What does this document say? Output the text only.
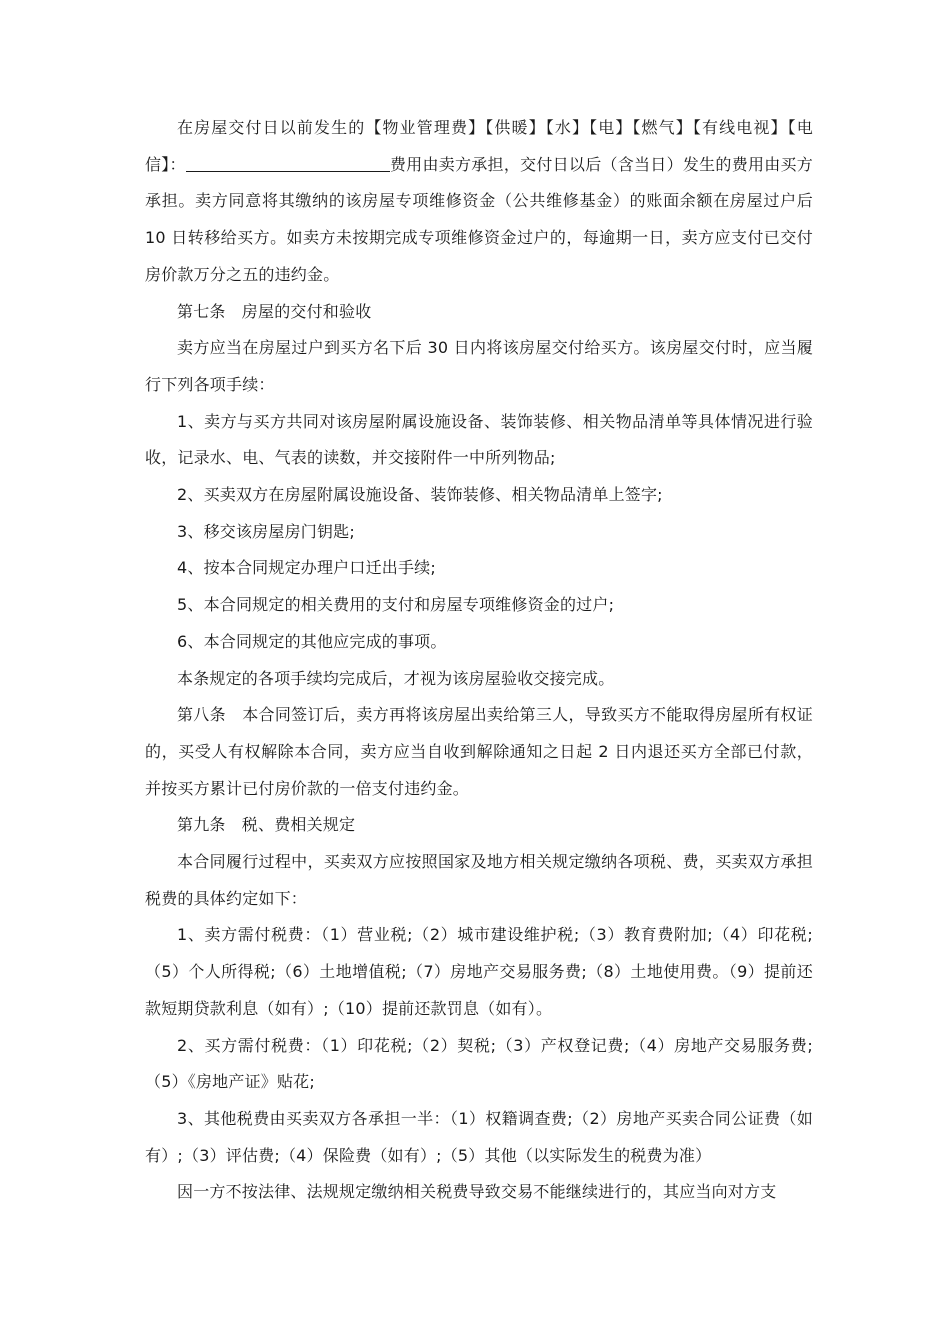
在房屋交付日以前发生的【物业管理费】【供暖】【水】【电】【燃气】【有线电视】【电信】：	费用由卖方承担，交付日以后（含当日）发生的费用由买方承担。卖方同意将其缴纳的该房屋专项维修资金（公共维修基金）的账面余额在房屋过户后 10 日转移给买方。如卖方未按期完成专项维修资金过户的，每逾期一日，卖方应支付已交付房价款万分之五的违约金。

第七条　房屋的交付和验收

卖方应当在房屋过户到买方名下后 30 日内将该房屋交付给买方。该房屋交付时，应当履行下列各项手续：

1、卖方与买方共同对该房屋附属设施设备、装饰装修、相关物品清单等具体情况进行验收，记录水、电、气表的读数，并交接附件一中所列物品;

2、买卖双方在房屋附属设施设备、装饰装修、相关物品清单上签字;

3、移交该房屋房门钥匙;

4、按本合同规定办理户口迁出手续;

5、本合同规定的相关费用的支付和房屋专项维修资金的过户;

6、本合同规定的其他应完成的事项。

本条规定的各项手续均完成后，才视为该房屋验收交接完成。

第八条　本合同签订后，卖方再将该房屋出卖给第三人，导致买方不能取得房屋所有权证的，买受人有权解除本合同，卖方应当自收到解除通知之日起 2 日内退还买方全部已付款，并按买方累计已付房价款的一倍支付违约金。

第九条　税、费相关规定

本合同履行过程中，买卖双方应按照国家及地方相关规定缴纳各项税、费，买卖双方承担税费的具体约定如下：

1、卖方需付税费：（1）营业税;（2）城市建设维护税;（3）教育费附加;（4）印花税;（5）个人所得税;（6）土地增值税;（7）房地产交易服务费;（8）土地使用费。（9）提前还款短期贷款利息（如有）;（10）提前还款罚息（如有）。

2、买方需付税费：（1）印花税;（2）契税;（3）产权登记费;（4）房地产交易服务费;（5）《房地产证》贴花;

3、其他税费由买卖双方各承担一半：（1）权籍调查费;（2）房地产买卖合同公证费（如有）;（3）评估费;（4）保险费（如有）;（5）其他（以实际发生的税费为准）

因一方不按法律、法规规定缴纳相关税费导致交易不能继续进行的，其应当向对方支
